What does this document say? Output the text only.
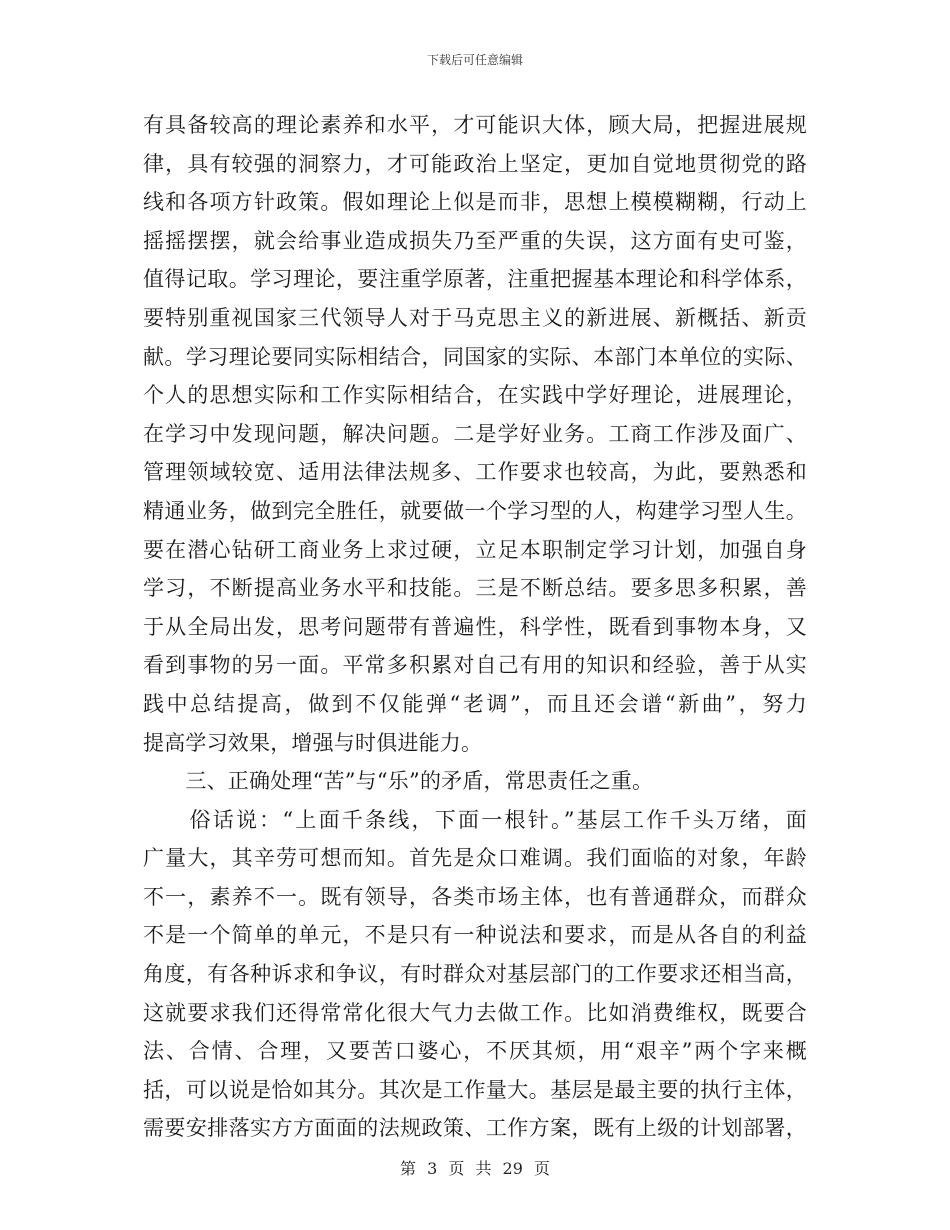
下载后可任意编辑
有具备较高的理论素养和水平，才可能识大体，顾大局，把握进展规
律，具有较强的洞察力，才可能政治上坚定，更加自觉地贯彻党的路
线和各项方针政策。假如理论上似是而非，思想上模模糊糊，行动上
摇摇摆摆，就会给事业造成损失乃至严重的失误，这方面有史可鉴，
值得记取。学习理论，要注重学原著，注重把握基本理论和科学体系，
要特别重视国家三代领导人对于马克思主义的新进展、新概括、新贡
献。学习理论要同实际相结合，同国家的实际、本部门本单位的实际、
个人的思想实际和工作实际相结合，在实践中学好理论，进展理论，
在学习中发现问题，解决问题。二是学好业务。工商工作涉及面广、
管理领域较宽、适用法律法规多、工作要求也较高，为此，要熟悉和
精通业务，做到完全胜任，就要做一个学习型的人，构建学习型人生。
要在潜心钻研工商业务上求过硬，立足本职制定学习计划，加强自身
学习，不断提高业务水平和技能。三是不断总结。要多思多积累，善
于从全局出发，思考问题带有普遍性，科学性，既看到事物本身，又
看到事物的另一面。平常多积累对自己有用的知识和经验，善于从实
践中总结提高，做到不仅能弹“老调”，而且还会谱“新曲”，努力
提高学习效果，增强与时俱进能力。
　　三、正确处理“苦”与“乐”的矛盾，常思责任之重。
　　俗话说：“上面千条线，下面一根针。”基层工作千头万绪，面
广量大，其辛劳可想而知。首先是众口难调。我们面临的对象，年龄
不一，素养不一。既有领导，各类市场主体，也有普通群众，而群众
不是一个简单的单元，不是只有一种说法和要求，而是从各自的利益
角度，有各种诉求和争议，有时群众对基层部门的工作要求还相当高，
这就要求我们还得常常化很大气力去做工作。比如消费维权，既要合
法、合情、合理，又要苦口婆心，不厌其烦，用“艰辛”两个字来概
括，可以说是恰如其分。其次是工作量大。基层是最主要的执行主体，
需要安排落实方方面面的法规政策、工作方案，既有上级的计划部署，
第 3 页 共 29 页
